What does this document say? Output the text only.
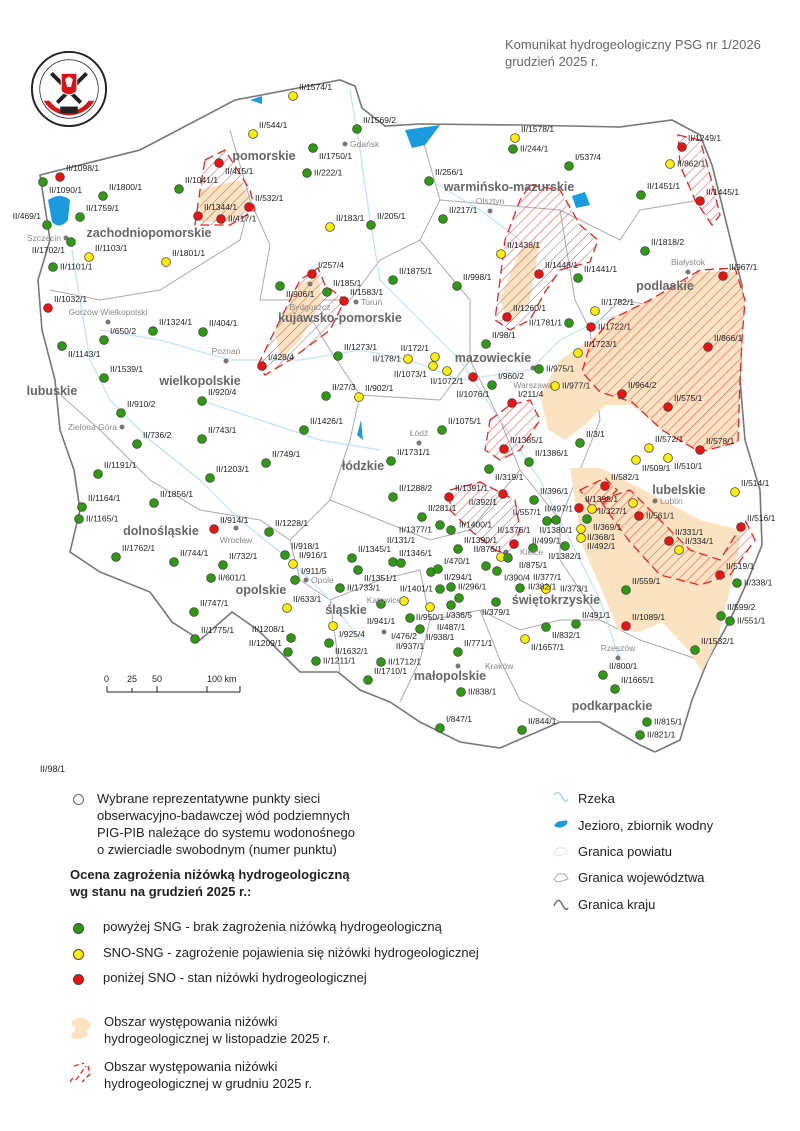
Komunikat hydrogeologiczny PSG nr 1/2026
grudzień 2025 r.
zachodniopomorskie
pomorskie
warmińsko-mazurskie
podlaskie
kujawsko-pomorskie
mazowieckie
wielkopolskie
lubuskie
łódzkie
lubelskie
dolnośląskie
opolskie
śląskie
świętokrzyskie
małopolskie
podkarpackie
II/1090/1
II/1098/1
II/1800/1
II/1759/1
II/469/1
II/1702/1	II/1103/1
II/1101/1
II/1801/1
II/1041/1
II/415/1
II/1344/1
II/417/1
II/532/1
II/1574/1
II/544/1	II/1569/2
II/1750/1
II/222/1
II/183/1 II/205/1
II/1032/1	II/906/1
I/257/4
II/185/1
II/1583/1
II/1875/1
II/1324/1 II/404/1
I/650/2
II/1143/1
II/1273/1
I/428/4
II/1539/1
II/1578/1
II/244/1
I/537/4
II/256/1
II/217/1
II/1451/1
II/1249/1
II/862/1
II/1445/1
II/1438/1
II/1448/1 II/1441/1
II/1818/2
II/967/1
II/998/1
II/1260/1
II/1782/1
II/1781/1	II/1722/1
II/866/1
II/98/1
II/1723/1
II/178/1
II/172/1
II/1073/1
II/1072/1
II/1076/1
II/975/1
I/960/2
II/977/1
I/211/4
II/964/2
II/575/1
II/920/4	II/27/3 II/902/1
II/910/2
II/1426/1
II/736/2	II/743/1
II/749/1
II/1203/1
II/1191/1
II/1856/1
II/1164/1
II/1165/1	II/914/1	II/1228/1
II/1762/1	II/744/1 II/732/1
II/601/1
II/918/1
II/916/1
I/911/5
II/633/1
II/747/1
II/1775/1
II/1731/1
II/1345/1
II/1351/1
II/1346/1
II/131/1
I/470/1
II/294/1
II/1733/1 II/1401/1	II/296/1
I/336/5
II/487/1
II/941/1
I/476/2
II/950/1
II/937/1
II/938/1
I/925/4
II/1208/1
II/1209/1
II/1632/1
II/1211/1	II/1712/1
II/1710/1
II/771/1
II/838/1
I/847/1
II/1390/1
II/1075/1
II/1385/1
II/1386/1
II/319/1
II/3/1
II/509/1
II/572/1
II/510/1
II/578/1
II/1288/2	II/1391/1
II/392/1
II/396/1
II/582/1
II/514/1
II/327/1
II/1398/1
II/497/1
II/281/1
II/1400/1
II/1377/1
II/557/1
II/1380/1 II/369/1
II/561/1	II/516/1
II/368/1
II/492/1
II/1382/1
II/1376/1
II/875/1
II/331/1
II/334/1
I/390/4
II/499/1
II/876/1
II/382/1
II/519/1
II/338/1
II/559/1
II/377/1
II/373/1
II/379/1	II/599/2
II/551/1
II/832/1
II/491/1	II/1089/1
II/1657/1
II/1532/1
II/800/1
II/1665/1
II/815/1
II/844/1
II/821/1
Szczecin
Gdańsk
Olsztyn
Białystok
Gorzów Wielkopolski	Bydgoszcz	Toruń
Poznań
Zielona Góra
Warszawa
Łódź
Wrocław
Opole
Katowice
Kraków
Kielce
Lublin
Rzeszów
0 25 50	100 km
II/98/1
Wybrane reprezentatywne punkty sieci
obserwacyjno-badawczej wód podziemnych
PIG-PIB należące do systemu wodonośnego
o zwierciadle swobodnym (numer punktu)
Ocena zagrożenia niżówką hydrogeologiczną
wg stanu na grudzień 2025 r.:
powyżej SNG - brak zagrożenia niżówką hydrogeologiczną
SNO-SNG - zagrożenie pojawienia się niżówki hydrogeologicznej
poniżej SNO - stan niżówki hydrogeologicznej
Obszar występowania niżówki
hydrogeologicznej w listopadzie 2025 r.
Obszar występowania niżówki
hydrogeologicznej w grudniu 2025 r.
Rzeka
Jezioro, zbiornik wodny
Granica powiatu
Granica województwa
Granica kraju
